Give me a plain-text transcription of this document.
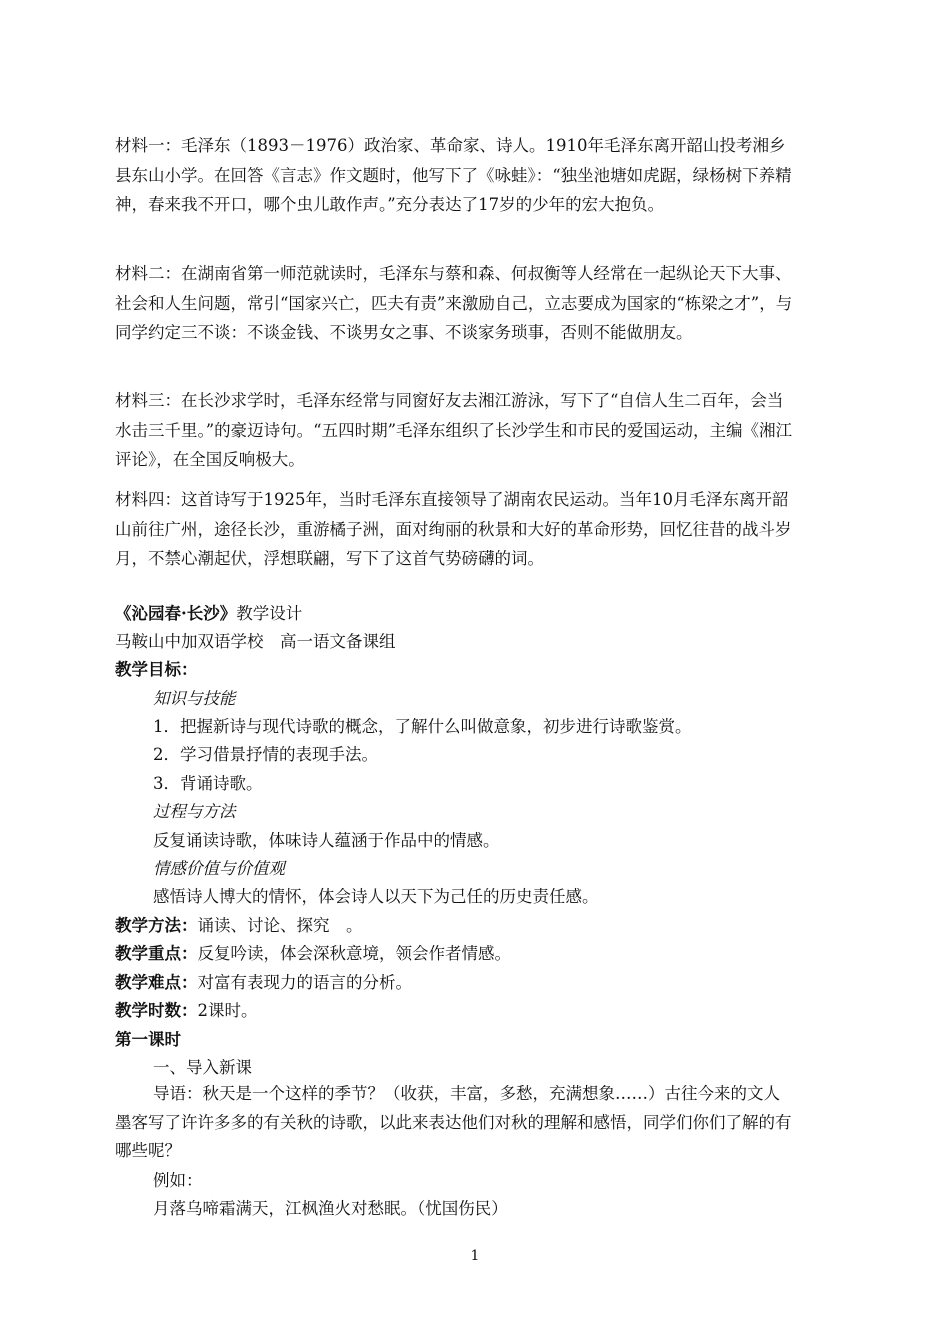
材料一：毛泽东（1893－1976）政治家、革命家、诗人。1910年毛泽东离开韶山投考湘乡县东山小学。在回答《言志》作文题时，他写下了《咏蛙》：“独坐池塘如虎踞，绿杨树下养精神，春来我不开口，哪个虫儿敢作声。”充分表达了17岁的少年的宏大抱负。

材料二：在湖南省第一师范就读时，毛泽东与蔡和森、何叔衡等人经常在一起纵论天下大事、社会和人生问题，常引“国家兴亡，匹夫有责”来激励自己，立志要成为国家的“栋梁之才”，与同学约定三不谈：不谈金钱、不谈男女之事、不谈家务琐事，否则不能做朋友。

材料三：在长沙求学时，毛泽东经常与同窗好友去湘江游泳，写下了“自信人生二百年，会当水击三千里。”的豪迈诗句。“五四时期”毛泽东组织了长沙学生和市民的爱国运动，主编《湘江评论》，在全国反响极大。

材料四：这首诗写于1925年，当时毛泽东直接领导了湖南农民运动。当年10月毛泽东离开韶山前往广州，途径长沙，重游橘子洲，面对绚丽的秋景和大好的革命形势，回忆往昔的战斗岁月，不禁心潮起伏，浮想联翩，写下了这首气势磅礴的词。

《沁园春·长沙》教学设计
马鞍山中加双语学校　高一语文备课组
教学目标：
知识与技能
1．把握新诗与现代诗歌的概念，了解什么叫做意象，初步进行诗歌鉴赏。
2．学习借景抒情的表现手法。
3．背诵诗歌。
过程与方法
反复诵读诗歌，体味诗人蕴涵于作品中的情感。
情感价值与价值观
感悟诗人博大的情怀，体会诗人以天下为己任的历史责任感。
教学方法：诵读、讨论、探究　。
教学重点：反复吟读，体会深秋意境，领会作者情感。
教学难点：对富有表现力的语言的分析。
教学时数：2课时。
第一课时
一、导入新课

导语：秋天是一个这样的季节？（收获，丰富，多愁，充满想象……）古往今来的文人墨客写了许许多多的有关秋的诗歌，以此来表达他们对秋的理解和感悟，同学们你们了解的有哪些呢？

例如：
月落乌啼霜满天，江枫渔火对愁眠。（忧国伤民）
1
